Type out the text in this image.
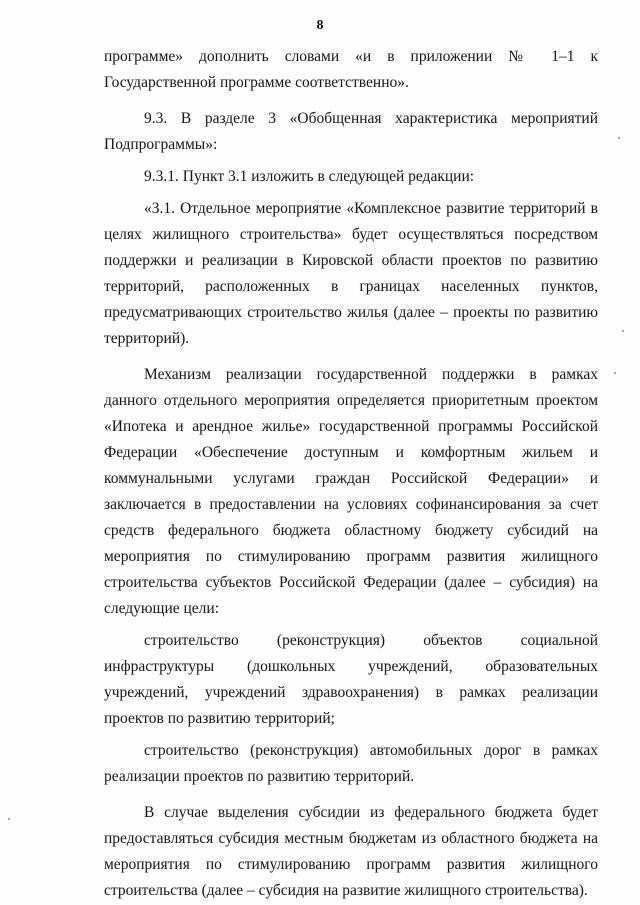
8

программе» дополнить словами «и в приложении № 1–1 к Государственной программе соответственно».

9.3. В разделе 3 «Обобщенная характеристика мероприятий Подпрограммы»:

9.3.1. Пункт 3.1 изложить в следующей редакции:

«3.1. Отдельное мероприятие «Комплексное развитие территорий в целях жилищного строительства» будет осуществляться посредством поддержки и реализации в Кировской области проектов по развитию территорий, расположенных в границах населенных пунктов, предусматривающих строительство жилья (далее – проекты по развитию территорий).

Механизм реализации государственной поддержки в рамках данного отдельного мероприятия определяется приоритетным проектом «Ипотека и арендное жилье» государственной программы Российской Федерации «Обеспечение доступным и комфортным жильем и коммунальными услугами граждан Российской Федерации» и заключается в предоставлении на условиях софинансирования за счет средств федерального бюджета областному бюджету субсидий на мероприятия по стимулированию программ развития жилищного строительства субъектов Российской Федерации (далее – субсидия) на следующие цели:

строительство (реконструкция) объектов социальной инфраструктуры (дошкольных учреждений, образовательных учреждений, учреждений здравоохранения) в рамках реализации проектов по развитию территорий;

строительство (реконструкция) автомобильных дорог в рамках реализации проектов по развитию территорий.

В случае выделения субсидии из федерального бюджета будет предоставляться субсидия местным бюджетам из областного бюджета на мероприятия по стимулированию программ развития жилищного строительства (далее – субсидия на развитие жилищного строительства).
